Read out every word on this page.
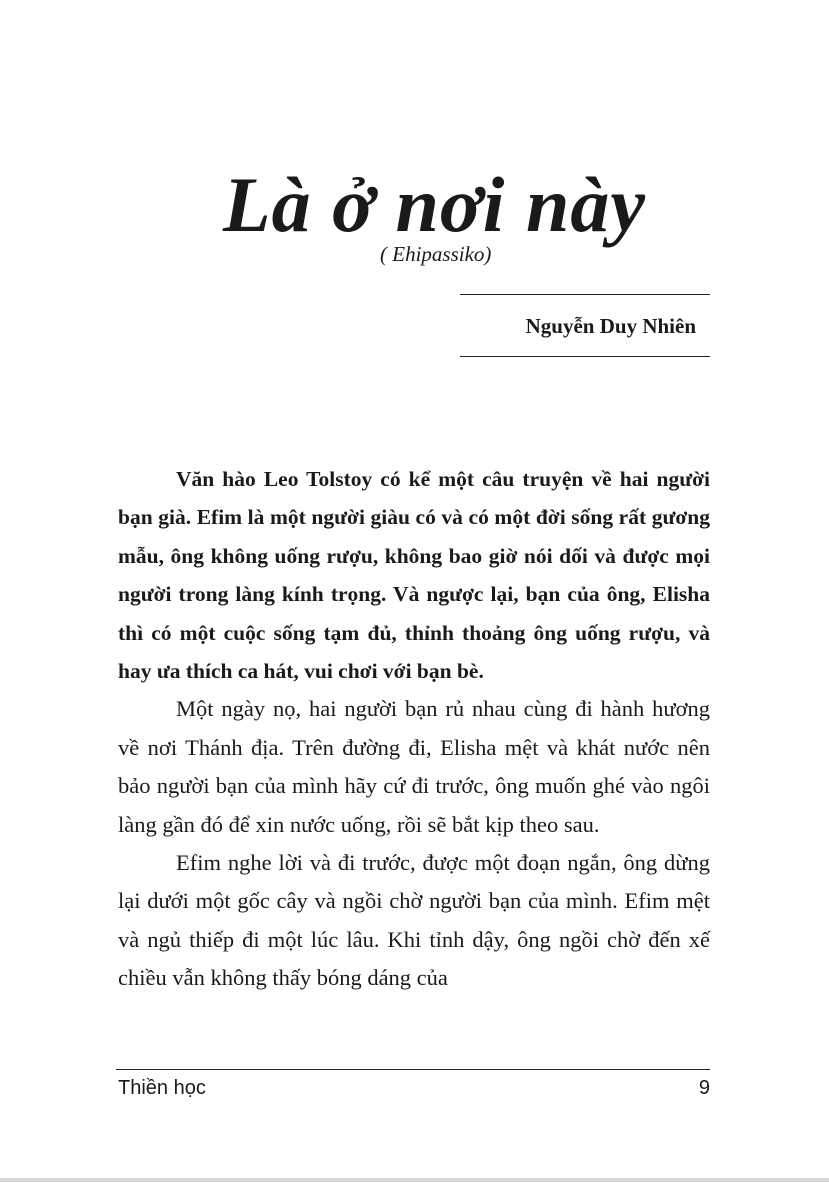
Là ở nơi này
( Ehipassiko)
Nguyễn Duy Nhiên

Văn hào Leo Tolstoy có kể một câu truyện về hai người bạn già. Efim là một người giàu có và có một đời sống rất gương mẫu, ông không uống rượu, không bao giờ nói dối và được mọi người trong làng kính trọng. Và ngược lại, bạn của ông, Elisha thì có một cuộc sống tạm đủ, thỉnh thoảng ông uống rượu, và hay ưa thích ca hát, vui chơi với bạn bè.

Một ngày nọ, hai người bạn rủ nhau cùng đi hành hương về nơi Thánh địa. Trên đường đi, Elisha mệt và khát nước nên bảo người bạn của mình hãy cứ đi trước, ông muốn ghé vào ngôi làng gần đó để xin nước uống, rồi sẽ bắt kịp theo sau.

Efim nghe lời và đi trước, được một đoạn ngắn, ông dừng lại dưới một gốc cây và ngồi chờ người bạn của mình. Efim mệt và ngủ thiếp đi một lúc lâu. Khi tỉnh dậy, ông ngồi chờ đến xế chiều vẫn không thấy bóng dáng của

Thiền học	9
